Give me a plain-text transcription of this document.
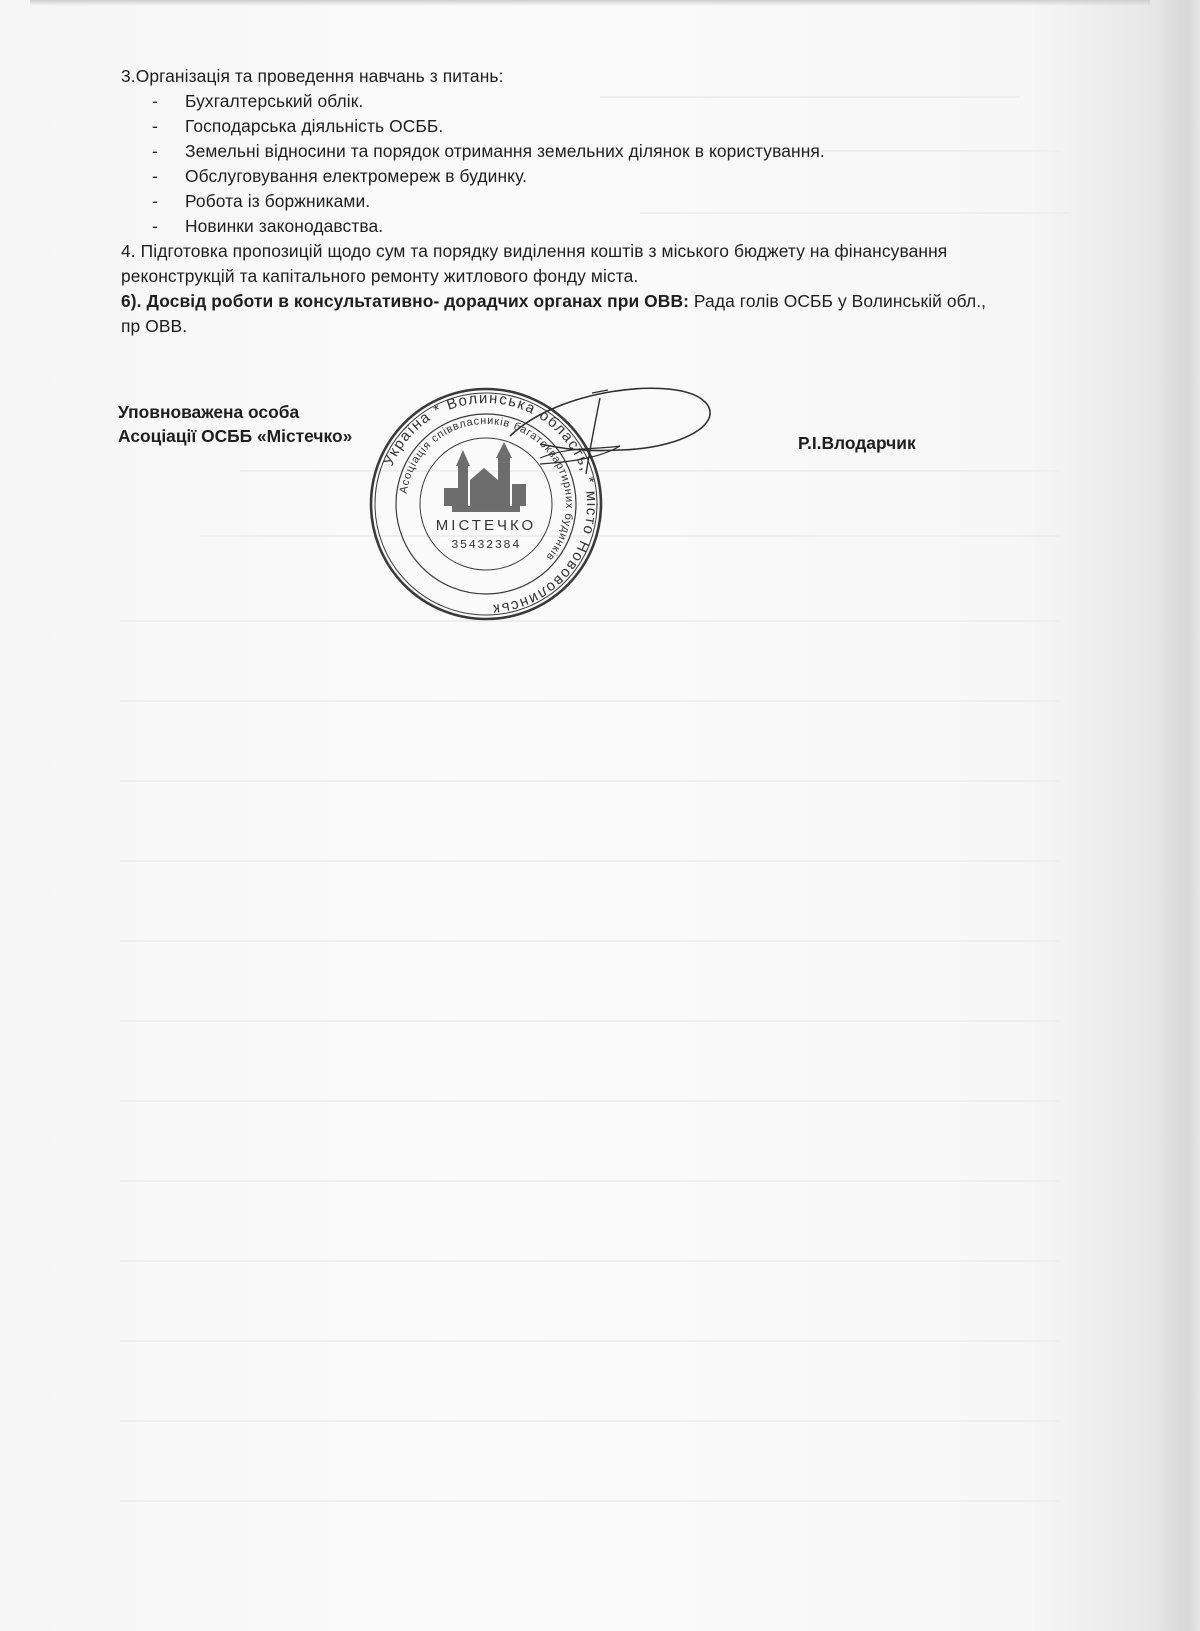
3.Організація та проведення навчань з питань:
- Бухгалтерський облік.
- Господарська діяльність ОСББ.
- Земельні відносини та порядок отримання земельних ділянок в користування.
- Обслуговування електромереж в будинку.
- Робота із боржниками.
- Новинки законодавства.
4. Підготовка пропозицій щодо сум та порядку виділення коштів з міського бюджету на фінансування
реконструкцій та капітального ремонту житлового фонду міста.
6). Досвід роботи в консультативно- дорадчих органах при ОВВ: Рада голів ОСББ у Волинській обл.,
пр ОВВ.
Уповноважена особа
Асоціації ОСББ «Містечко»	Р.І.Влодарчик
Україна * Волинська область, * місто Нововолинськ
Асоціація співвласників багатоквартирних будинків
МІСТЕЧКО
35432384
